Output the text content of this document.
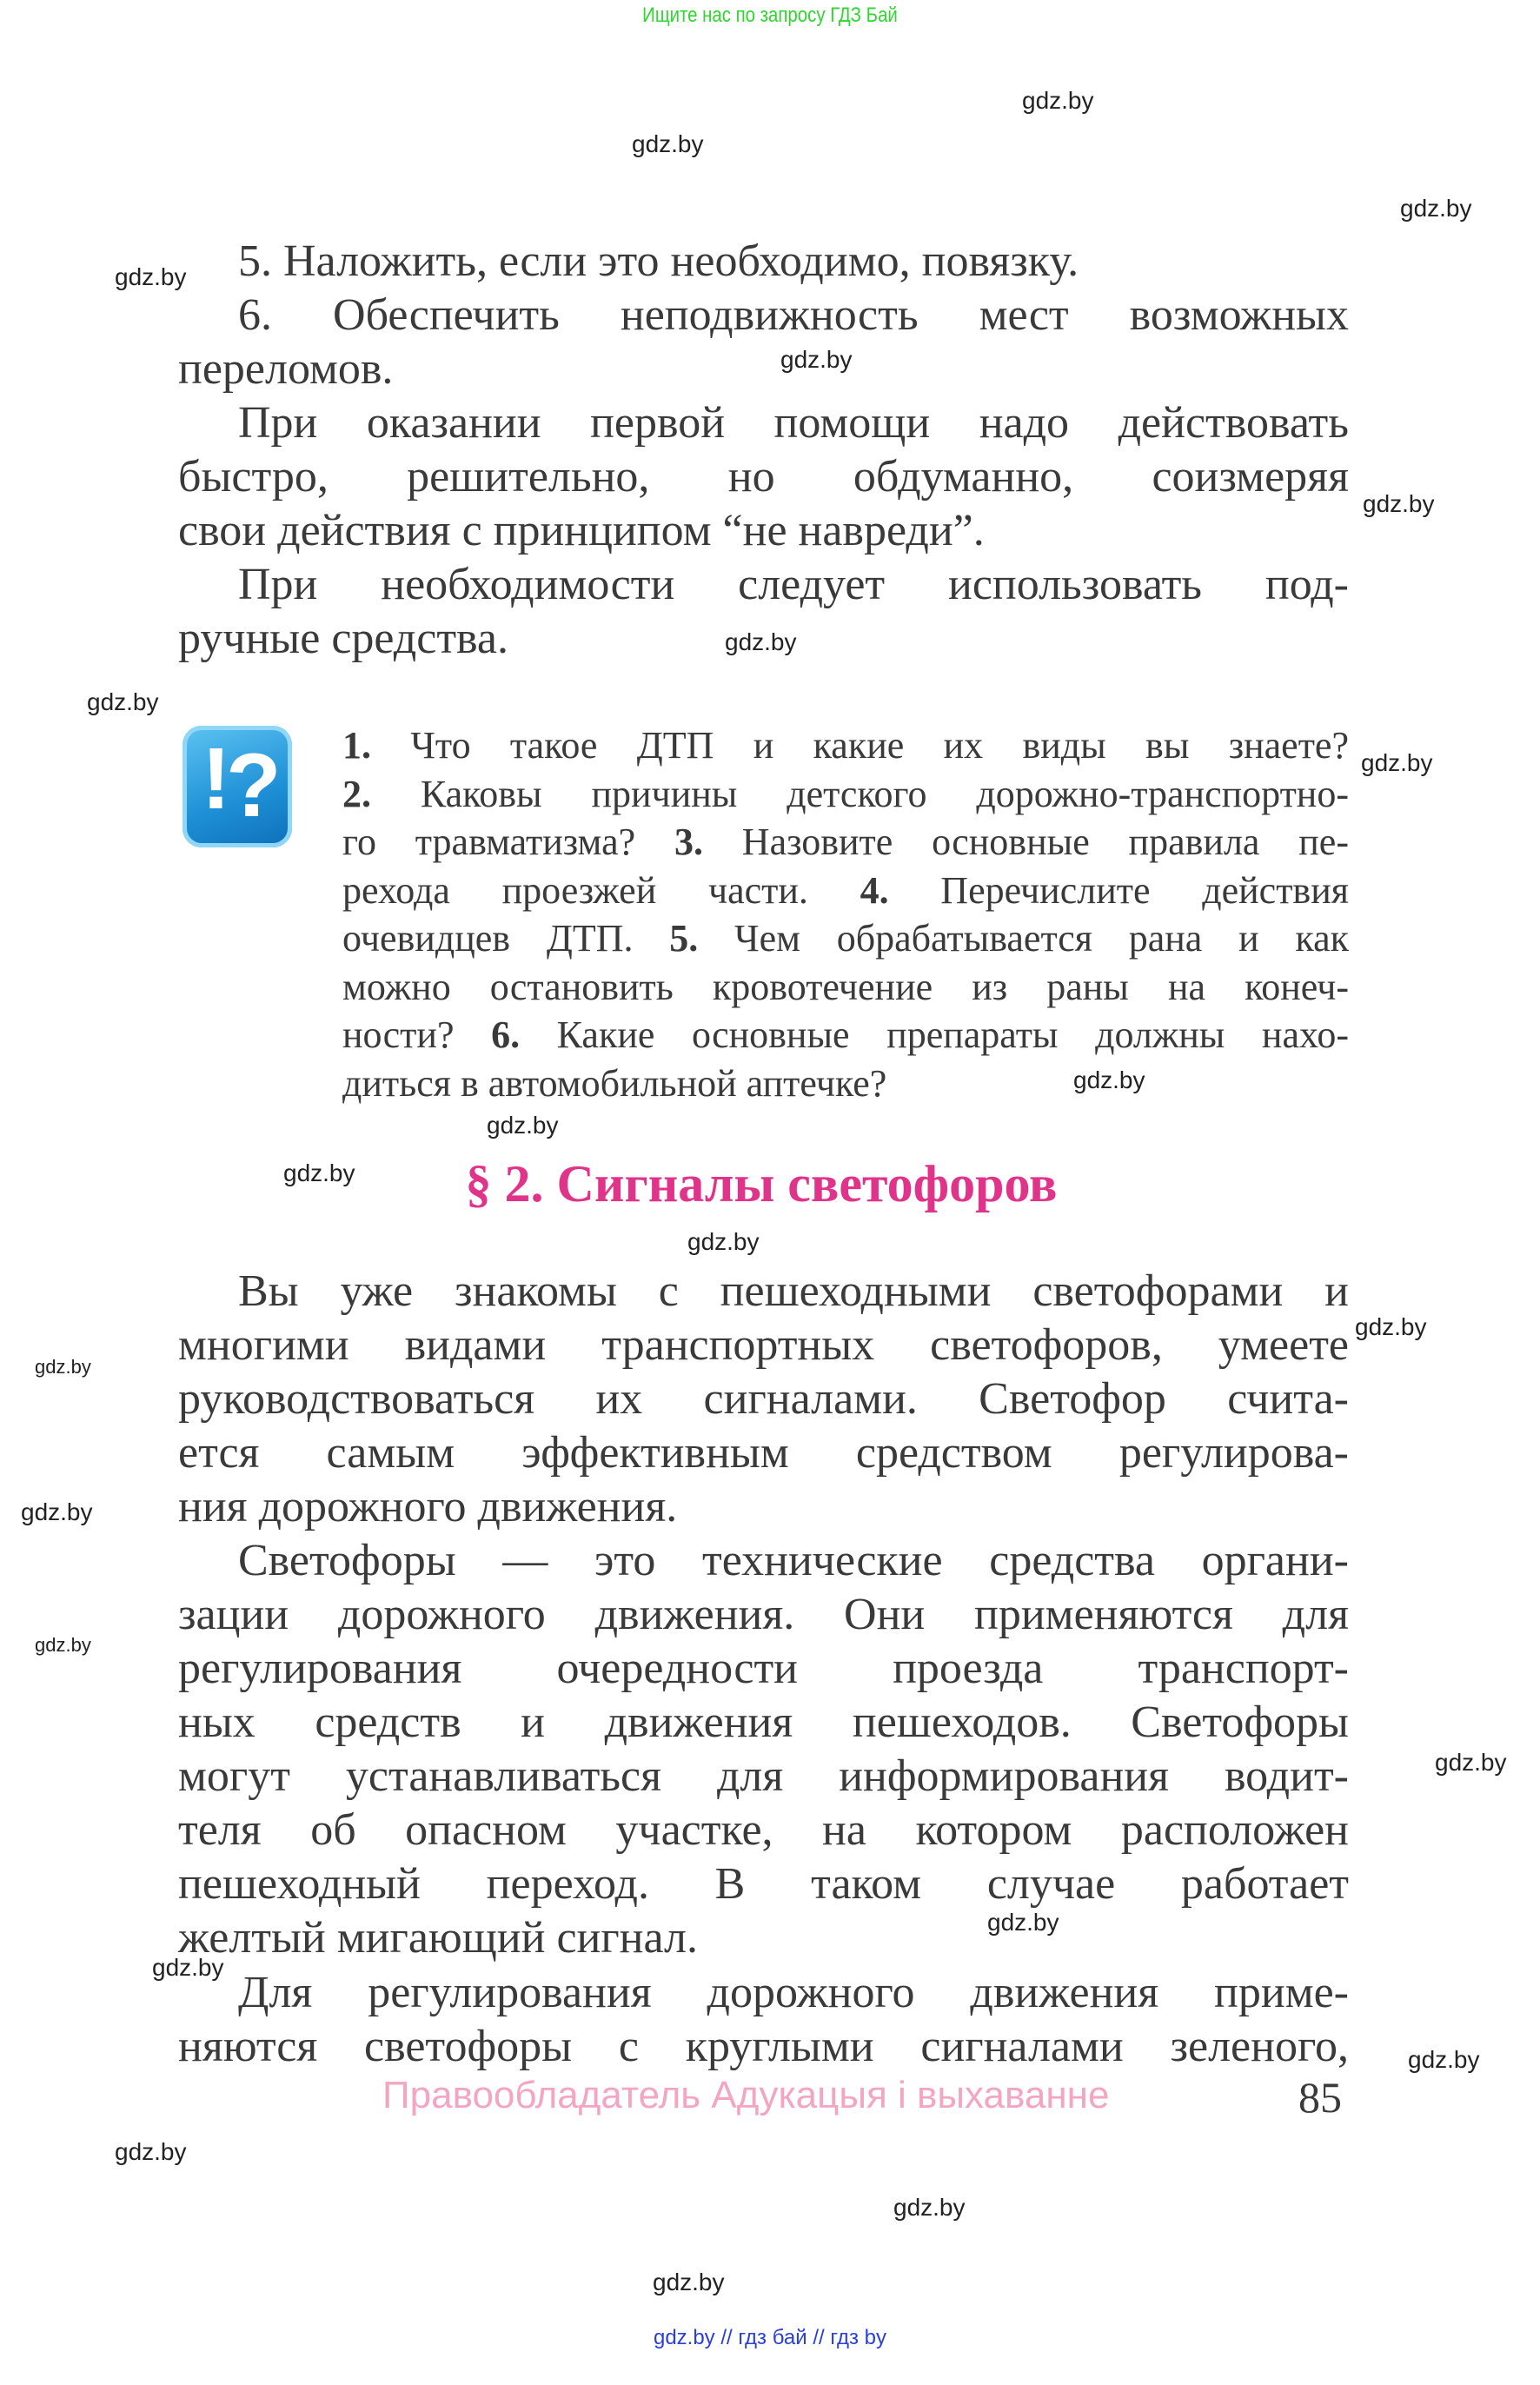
Ищите нас по запросу ГДЗ Бай
5. Наложить, если это необходимо, повязку.
6. Обеспечить неподвижность мест возможных
переломов.
При оказании первой помощи надо действовать
быстро, решительно, но обдуманно, соизмеряя
свои действия с принципом “не навреди”.
При необходимости следует использовать под-
ручные средства.
!
? 1. Что такое ДТП и какие их виды вы знаете?
2. Каковы причины детского дорожно-транспортно-
го травматизма? 3. Назовите основные правила пе-
рехода проезжей части. 4. Перечислите действия
очевидцев ДТП. 5. Чем обрабатывается рана и как
можно остановить кровотечение из раны на конеч-
ности? 6. Какие основные препараты должны нахо-
диться в автомобильной аптечке?
§ 2. Сигналы светофоров
Вы уже знакомы с пешеходными светофорами и
многими видами транспортных светофоров, умеете
руководствоваться их сигналами. Светофор счита-
ется самым эффективным средством регулирова-
ния дорожного движения.
Светофоры — это технические средства органи-
зации дорожного движения. Они применяются для
регулирования очередности проезда транспорт-
ных средств и движения пешеходов. Светофоры
могут устанавливаться для информирования водит-
теля об опасном участке, на котором расположен
пешеходный переход. В таком случае работает
желтый мигающий сигнал.
Для регулирования дорожного движения приме-
няются светофоры с круглыми сигналами зеленого,
Правообладатель Адукацыя і выхаванне	85
gdz.by // гдз бай // гдз by
gdz.by
gdz.by
gdz.by
gdz.by
gdz.by
gdz.by
gdz.by
gdz.by
gdz.by
gdz.by
gdz.by
gdz.by
gdz.by
gdz.by
gdz.by
gdz.by
gdz.by
gdz.by
gdz.by
gdz.by
gdz.by
gdz.by
gdz.by
gdz.by
